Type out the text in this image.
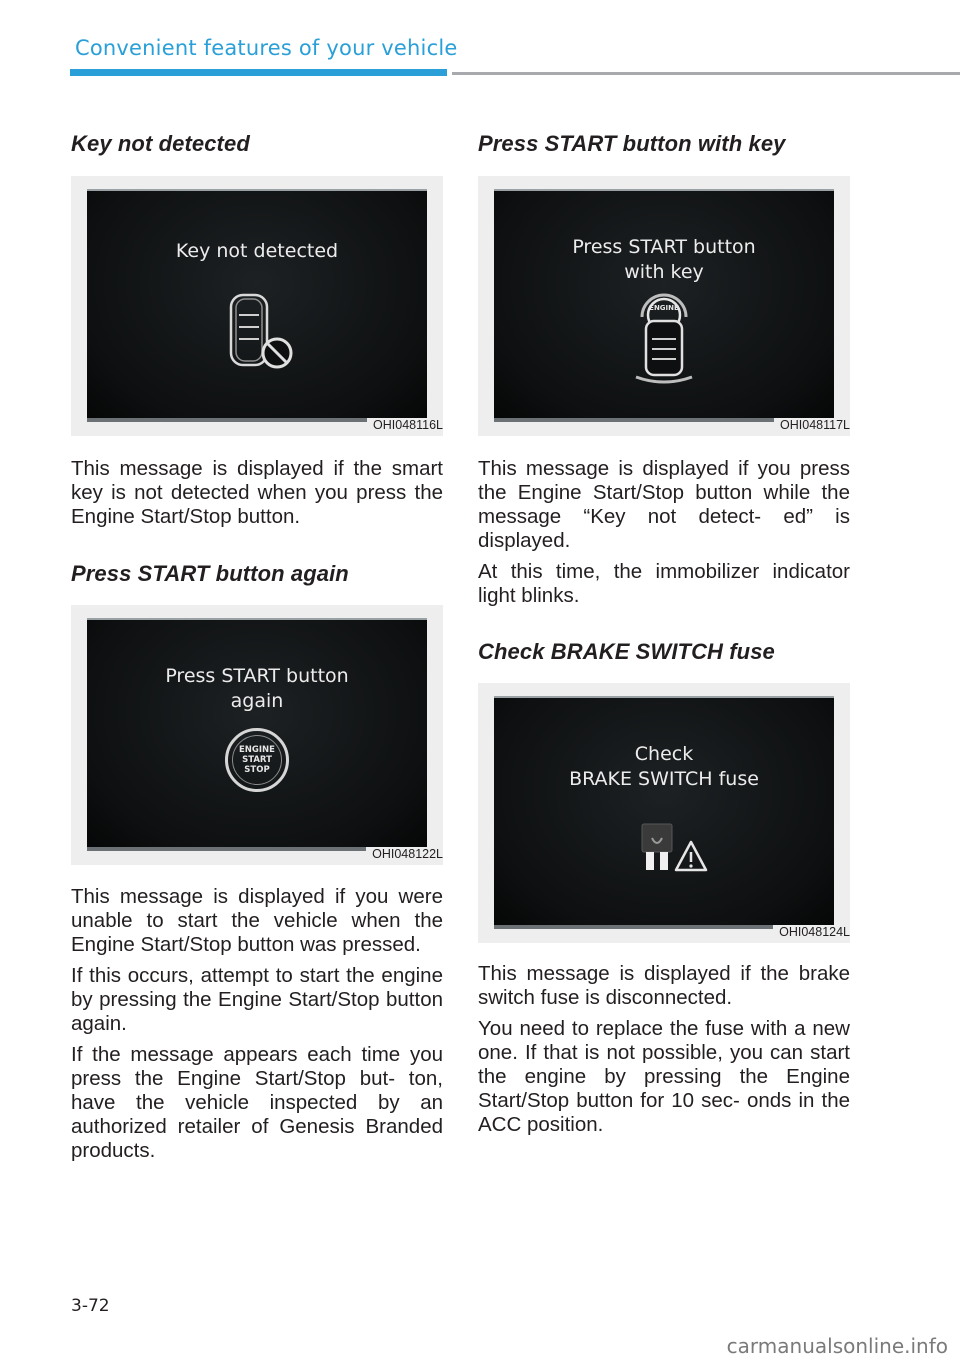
Convenient features of your vehicle
Key not detected
Key not detected
OHI048116L

This message is displayed if the smart key is not detected when you press the Engine Start/Stop button.

Press START button again
Press START button
again
ENGINE
START
STOP
OHI048122L

This message is displayed if you were unable to start the vehicle when the Engine Start/Stop button was pressed.

If this occurs, attempt to start the engine by pressing the Engine Start/Stop button again.

If the message appears each time you press the Engine Start/Stop but- ton, have the vehicle inspected by an authorized retailer of Genesis Branded products.

Press START button with key
Press START button
with key
ENGINE
OHI048117L

This message is displayed if you press the Engine Start/Stop button while the message “Key not detect- ed” is displayed.

At this time, the immobilizer indicator light blinks.

Check BRAKE SWITCH fuse
Check
BRAKE SWITCH fuse
OHI048124L

This message is displayed if the brake switch fuse is disconnected.

You need to replace the fuse with a new one. If that is not possible, you can start the engine by pressing the Engine Start/Stop button for 10 sec- onds in the ACC position.

3-72
carmanualsonline.info
